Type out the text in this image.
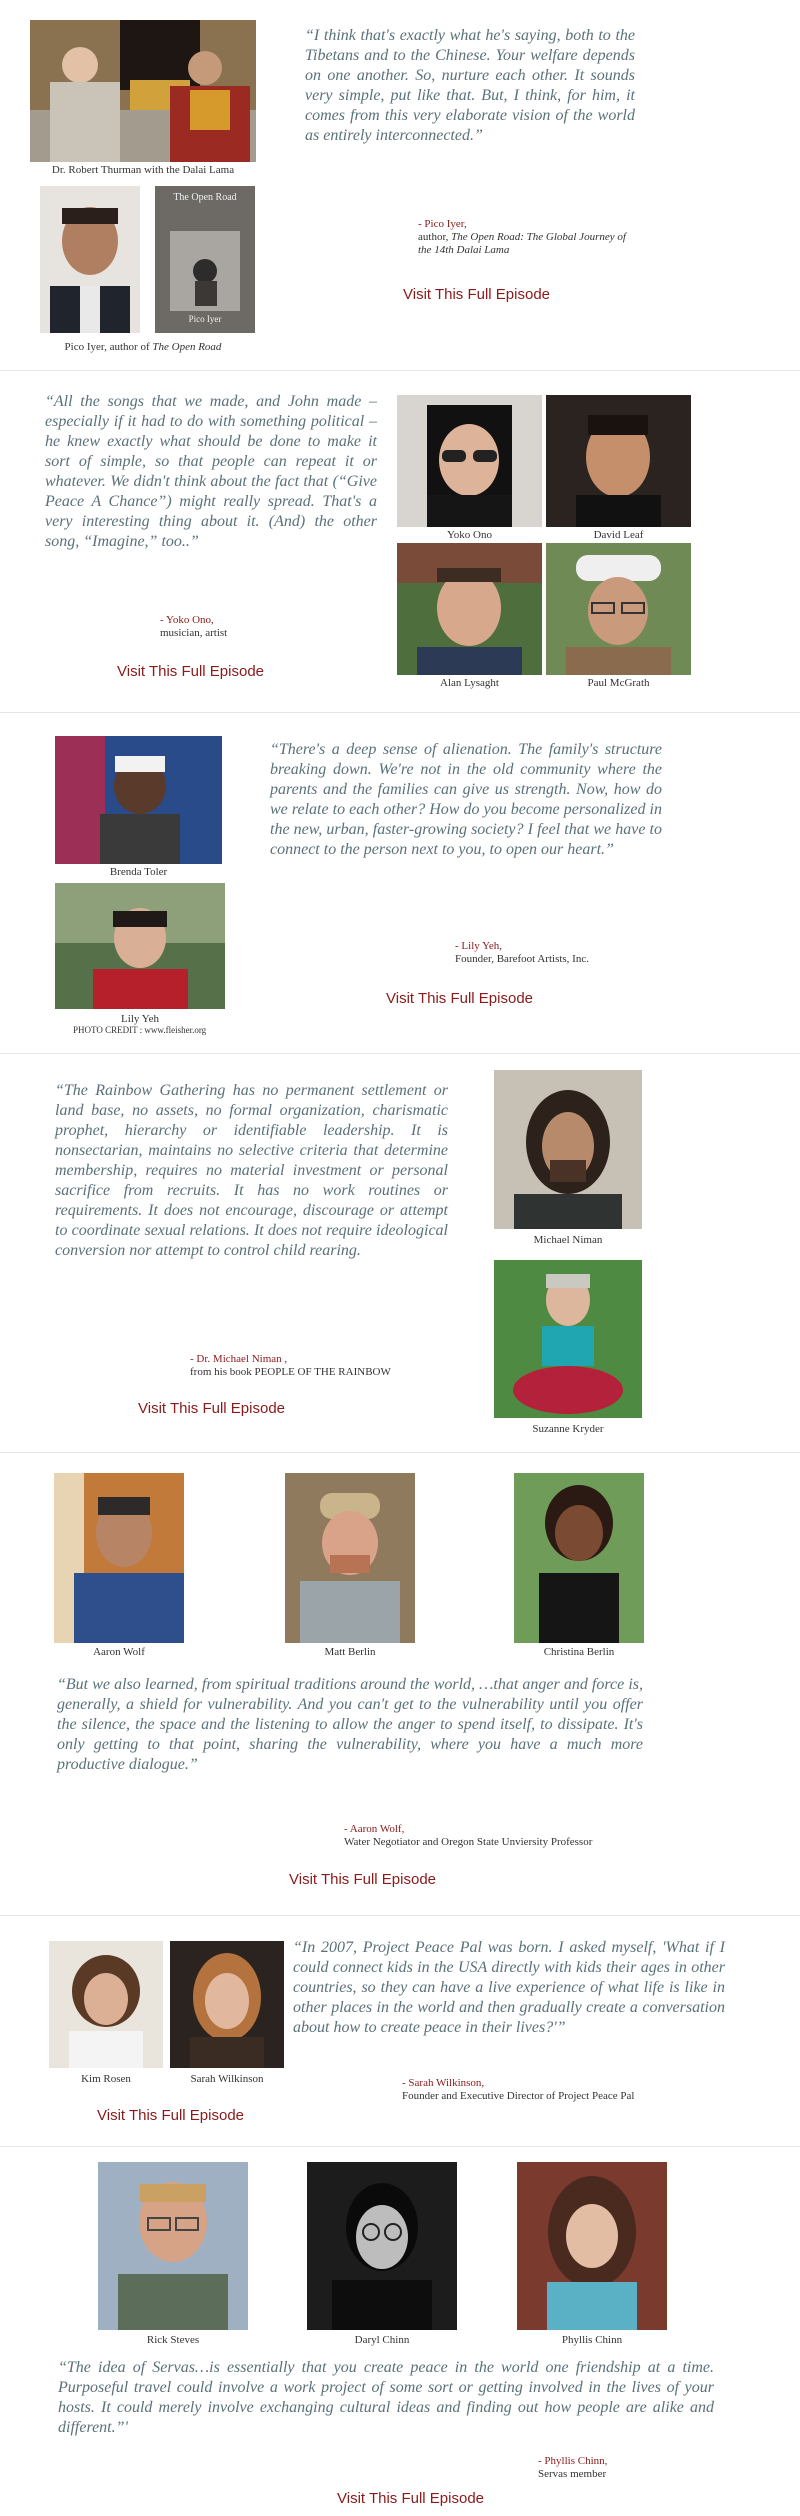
Dr. Robert Thurman with the Dalai Lama
The Open Road
Pico Iyer
Pico Iyer, author of The Open Road
“I think that's exactly what he's saying, both to the Tibetans and to the Chinese. Your welfare depends on one another. So, nurture each other. It sounds very simple, put like that. But, I think, for him, it comes from this very elaborate vision of the world as entirely interconnected.”
- Pico Iyer,
author, The Open Road: The Global Journey of the 14th Dalai Lama
Visit This Full Episode
“All the songs that we made, and John made – especially if it had to do with something political – he knew exactly what should be done to make it sort of simple, so that people can repeat it or whatever. We didn't think about the fact that (“Give Peace A Chance”) might really spread. That's a very interesting thing about it. (And) the other song, “Imagine,” too..”
- Yoko Ono,
musician, artist
Visit This Full Episode
Yoko Ono	David Leaf
Alan Lysaght	Paul McGrath
Brenda Toler
Lily Yeh
PHOTO CREDIT : www.fleisher.org
“There's a deep sense of alienation. The family's structure breaking down. We're not in the old community where the parents and the families can give us strength. Now, how do we relate to each other? How do you become personalized in the new, urban, faster-growing society? I feel that we have to connect to the person next to you, to open our heart.”
- Lily Yeh,
Founder, Barefoot Artists, Inc.
Visit This Full Episode
“The Rainbow Gathering has no permanent settlement or land base, no assets, no formal organization, charismatic prophet, hierarchy or identifiable leadership. It is nonsectarian, maintains no selective criteria that determine membership, requires no material investment or personal sacrifice from recruits. It has no work routines or requirements. It does not encourage, discourage or attempt to coordinate sexual relations. It does not require ideological conversion nor attempt to control child rearing.
- Dr. Michael Niman ,
from his book PEOPLE OF THE RAINBOW
Visit This Full Episode
Michael Niman
Suzanne Kryder
Aaron Wolf	Matt Berlin	Christina Berlin
“But we also learned, from spiritual traditions around the world, …that anger and force is, generally, a shield for vulnerability. And you can't get to the vulnerability until you offer the silence, the space and the listening to allow the anger to spend itself, to dissipate. It's only getting to that point, sharing the vulnerability, where you have a much more productive dialogue.”
- Aaron Wolf,
Water Negotiator and Oregon State Unviersity Professor
Visit This Full Episode
Kim Rosen	Sarah Wilkinson
Visit This Full Episode
“In 2007, Project Peace Pal was born. I asked myself, 'What if I could connect kids in the USA directly with kids their ages in other countries, so they can have a live experience of what life is like in other places in the world and then gradually create a conversation about how to create peace in their lives?'”
- Sarah Wilkinson,
Founder and Executive Director of Project Peace Pal
Rick Steves	Daryl Chinn	Phyllis Chinn
“The idea of Servas…is essentially that you create peace in the world one friendship at a time. Purposeful travel could involve a work project of some sort or getting involved in the lives of your hosts. It could merely involve exchanging cultural ideas and finding out how people are alike and different.”'
- Phyllis Chinn,
Servas member
Visit This Full Episode
